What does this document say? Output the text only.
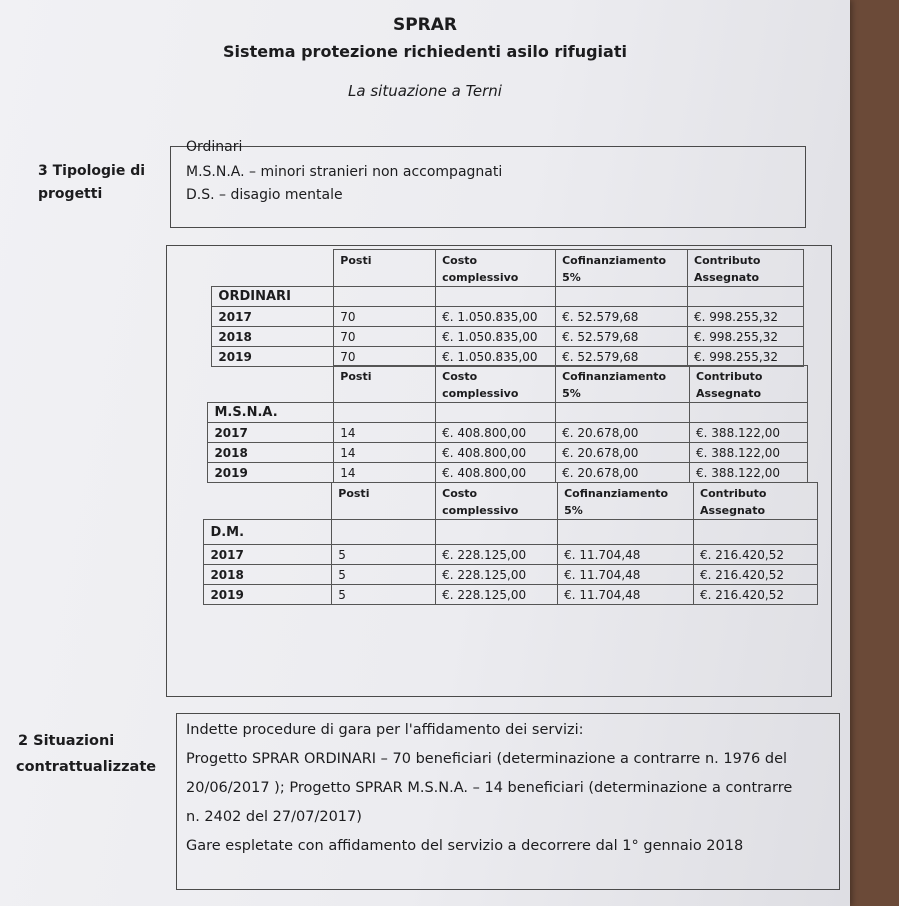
SPRAR
Sistema protezione richiedenti asilo rifugiati
La situazione a Terni
3 Tipologie di
progetti
Ordinari
M.S.N.A. – minori stranieri non accompagnati
D.S. – disagio mentale
		Posti	Costo complessivo	Cofinanziamento 5%	Contributo Assegnato
	ORDINARI				
	2017	70	€. 1.050.835,00	€. 52.579,68	€. 998.255,32
	2018	70	€. 1.050.835,00	€. 52.579,68	€. 998.255,32
	2019	70	€. 1.050.835,00	€. 52.579,68	€. 998.255,32
		Posti	Costo complessivo	Cofinanziamento 5%	Contributo Assegnato
	M.S.N.A.				
	2017	14	€. 408.800,00	€. 20.678,00	€. 388.122,00
	2018	14	€. 408.800,00	€. 20.678,00	€. 388.122,00
	2019	14	€. 408.800,00	€. 20.678,00	€. 388.122,00
		Posti	Costo complessivo	Cofinanziamento 5%	Contributo Assegnato
	D.M.				
	2017	5	€. 228.125,00	€. 11.704,48	€. 216.420,52
	2018	5	€. 228.125,00	€. 11.704,48	€. 216.420,52
	2019	5	€. 228.125,00	€. 11.704,48	€. 216.420,52
2 Situazioni
contrattualizzate
Indette procedure di gara per l'affidamento dei servizi:
Progetto SPRAR ORDINARI – 70 beneficiari (determinazione a contrarre n. 1976 del
20/06/2017 ); Progetto SPRAR M.S.N.A. – 14 beneficiari (determinazione a contrarre
n. 2402 del 27/07/2017)
Gare espletate con affidamento del servizio a decorrere dal 1° gennaio 2018
